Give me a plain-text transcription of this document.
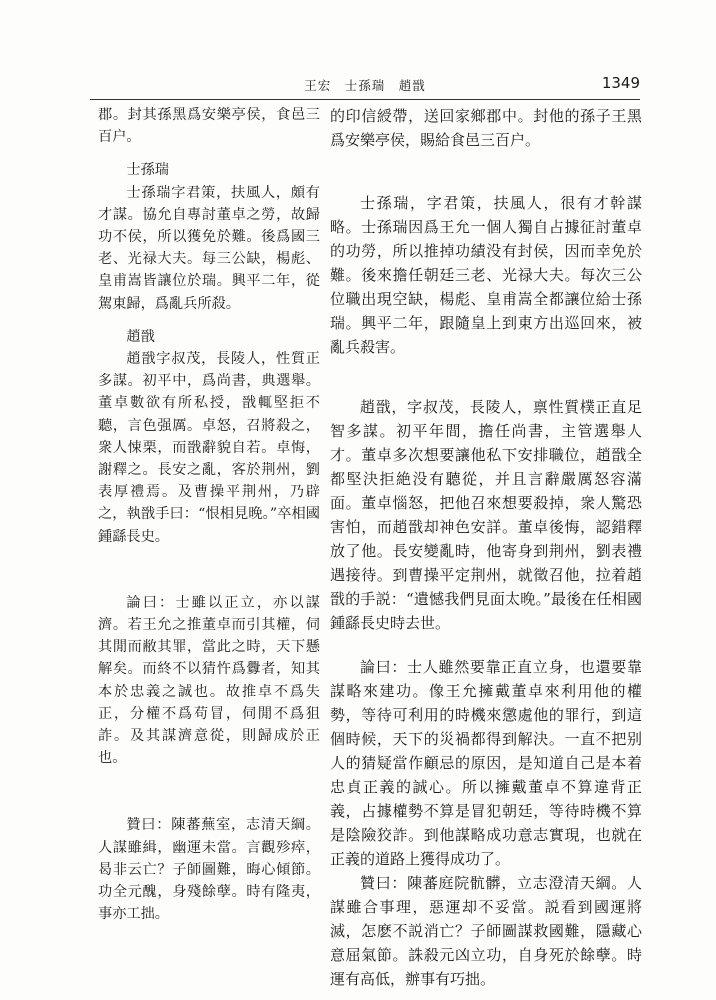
王宏　士孫瑞　趙戩	1349

郡。封其孫黑爲安樂亭侯，食邑三百户。

士孫瑞

士孫瑞字君策，扶風人，頗有才謀。協允自專討董卓之勞，故歸功不侯，所以獲免於難。後爲國三老、光禄大夫。每三公缺，楊彪、皇甫嵩皆讓位於瑞。興平二年，從駕東歸，爲亂兵所殺。

趙戩

趙戩字叔茂，長陵人，性質正多謀。初平中，爲尚書，典選舉。董卓數欲有所私授，戩輒堅拒不聽，言色强厲。卓怒，召將殺之，衆人悚栗，而戩辭貌自若。卓悔，謝釋之。長安之亂，客於荆州，劉表厚禮焉。及曹操平荆州，乃辟之，執戩手曰：“恨相見晚。”卒相國鍾繇長史。

論曰：士雖以正立，亦以謀濟。若王允之推董卓而引其權，伺其閒而敝其罪，當此之時，天下懸解矣。而終不以猜忤爲釁者，知其本於忠義之誠也。故推卓不爲失正，分權不爲苟冒，伺閒不爲狙詐。及其謀濟意從，則歸成於正也。

贊曰：陳蕃蕪室，志清天綱。人謀雖緝，幽運未當。言觀殄瘁，曷非云亡？子師圖難，晦心傾節。功全元醜，身殘餘孽。時有隆夷，事亦工拙。

的印信綬帶，送回家鄉郡中。封他的孫子王黑爲安樂亭侯，賜給食邑三百户。

士孫瑞，字君策，扶風人，很有才幹謀略。士孫瑞因爲王允一個人獨自占據征討董卓的功勞，所以推掉功績没有封侯，因而幸免於難。後來擔任朝廷三老、光禄大夫。每次三公位職出現空缺，楊彪、皇甫嵩全都讓位給士孫瑞。興平二年，跟隨皇上到東方出巡回來，被亂兵殺害。

趙戩，字叔茂，長陵人，禀性質樸正直足智多謀。初平年間，擔任尚書，主管選舉人才。董卓多次想要讓他私下安排職位，趙戩全都堅決拒絶没有聽從，并且言辭嚴厲怒容滿面。董卓惱怒，把他召來想要殺掉，衆人驚恐害怕，而趙戩却神色安詳。董卓後悔，認錯釋放了他。長安變亂時，他寄身到荆州，劉表禮遇接待。到曹操平定荆州，就徵召他，拉着趙戩的手説：“遺憾我們見面太晚。”最後在任相國鍾繇長史時去世。

論曰：士人雖然要靠正直立身，也還要靠謀略來建功。像王允擁戴董卓來利用他的權勢，等待可利用的時機來懲處他的罪行，到這個時候，天下的災禍都得到解決。一直不把别人的猜疑當作顧忌的原因，是知道自己是本着忠貞正義的誠心。所以擁戴董卓不算違背正義，占據權勢不算是冒犯朝廷，等待時機不算是陰險狡詐。到他謀略成功意志實現，也就在正義的道路上獲得成功了。

贊曰：陳蕃庭院骯髒，立志澄清天綱。人謀雖合事理，惡運却不妥當。説看到國運將滅，怎麽不説消亡？子師圖謀救國難，隱藏心意屈氣節。誅殺元凶立功，自身死於餘孽。時運有高低，辦事有巧拙。
